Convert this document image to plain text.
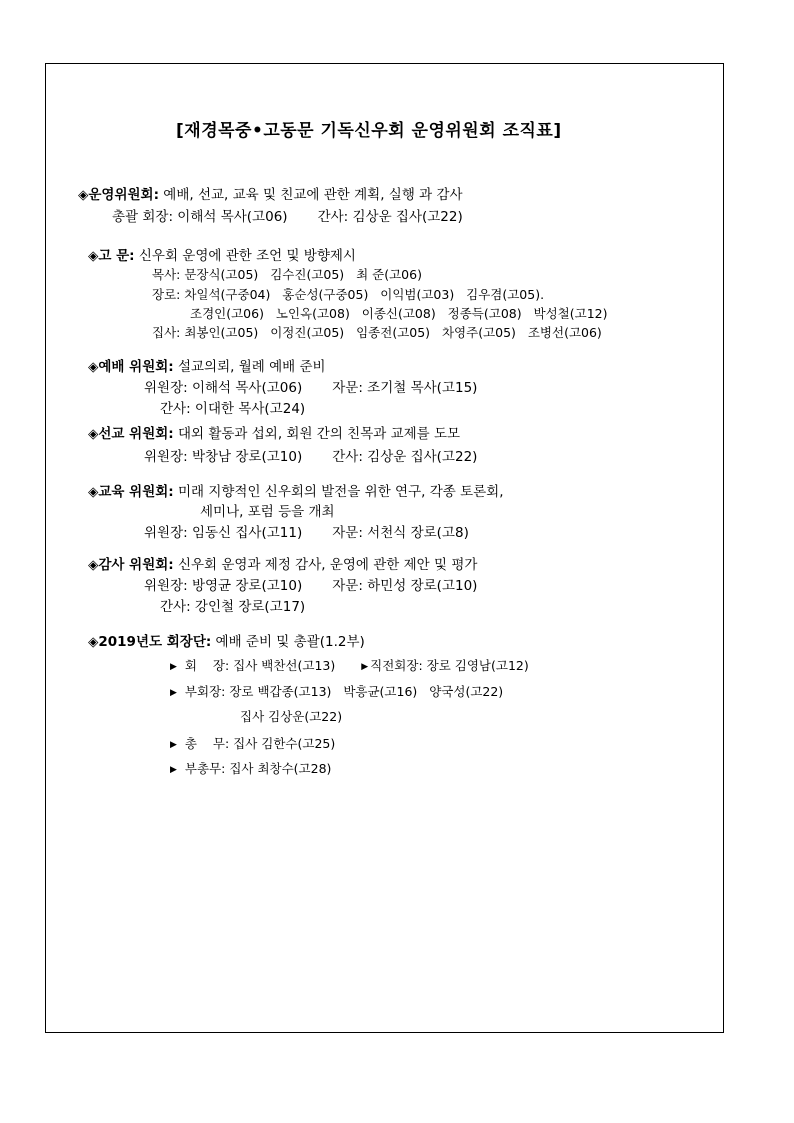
[재경목중•고동문 기독신우회 운영위원회 조직표]
◈운영위원회: 예배, 선교, 교육 및 친교에 관한 계획, 실행 과 감사
총괄 회장: 이해석 목사(고06)       간사: 김상운 집사(고22)
◈고 문: 신우회 운영에 관한 조언 및 방향제시
목사: 문장식(고05)   김수진(고05)   최 준(고06)
장로: 차일석(구중04)   홍순성(구중05)   이익범(고03)   김우겸(고05).
조경인(고06)   노인옥(고08)   이종신(고08)   정종득(고08)   박성철(고12)
집사: 최봉인(고05)   이정진(고05)   임종전(고05)   차영주(고05)   조병선(고06)
◈예배 위원회: 설교의뢰, 월례 예배 준비
위원장: 이해석 목사(고06)       자문: 조기철 목사(고15)
간사: 이대한 목사(고24)
◈선교 위원회: 대외 활동과 섭외, 회원 간의 친목과 교제를 도모
위원장: 박창남 장로(고10)       간사: 김상운 집사(고22)
◈교육 위원회: 미래 지향적인 신우회의 발전을 위한 연구, 각종 토론회,
세미나, 포럼 등을 개최
위원장: 임동신 집사(고11)       자문: 서천식 장로(고8)
◈감사 위원회: 신우회 운영과 제정 감사, 운영에 관한 제안 및 평가
위원장: 방영균 장로(고10)       자문: 하민성 장로(고10)
간사: 강인철 장로(고17)
◈2019년도 회장단: 예배 준비 및 총괄(1.2부)
▶ 회    장: 집사 백찬선(고13)	▶ 직전회장: 장로 김영남(고12)
▶ 부회장: 장로 백갑종(고13)   박흥균(고16)   양국성(고22)
집사 김상운(고22)
▶ 총    무: 집사 김한수(고25)
▶ 부총무: 집사 최창수(고28)
